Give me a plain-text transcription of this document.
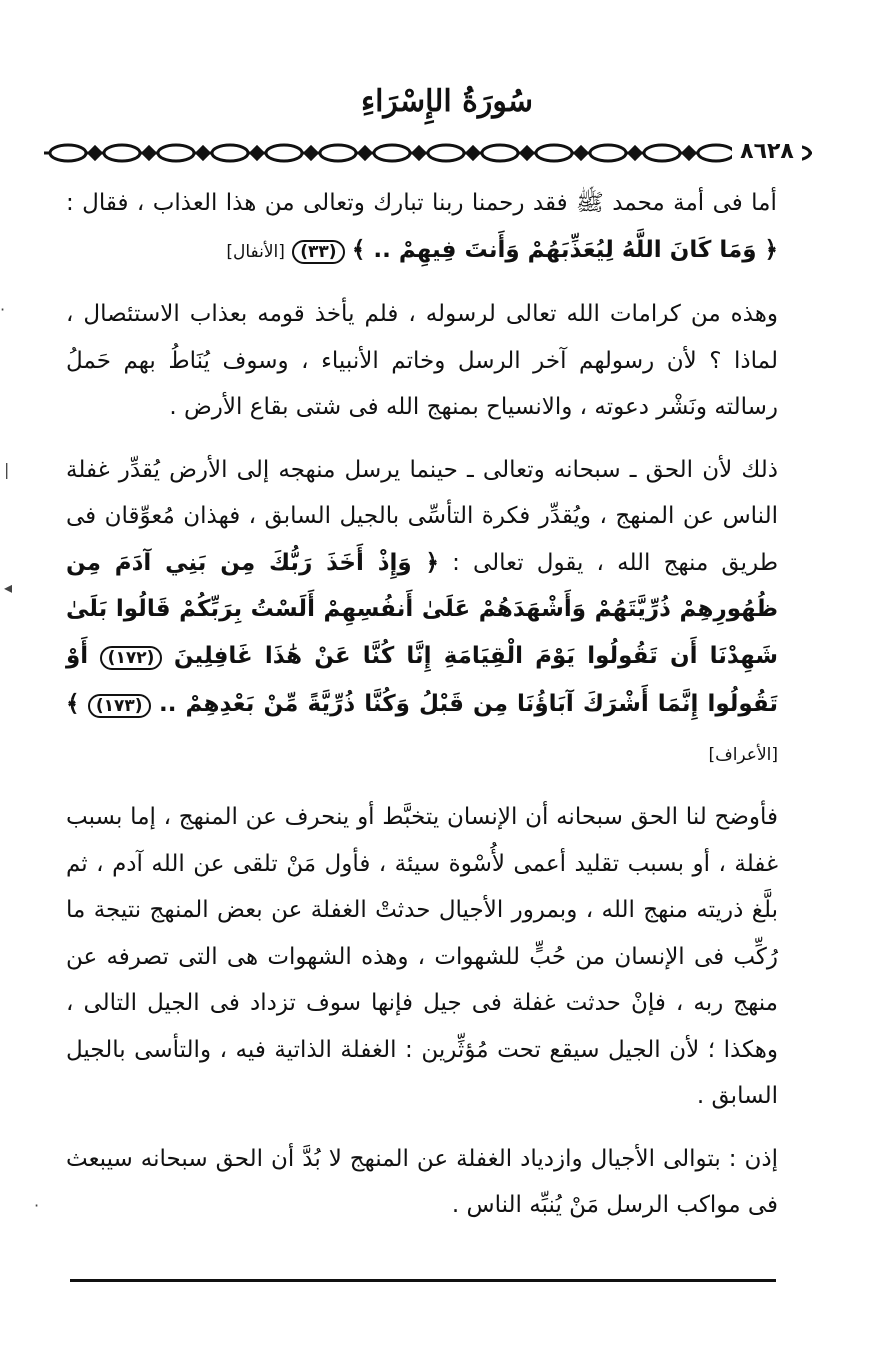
سُورَةُ الإِسْرَاءِ
٨٦٢٨

أما فى أمة محمد ﷺ فقد رحمنا ربنا تبارك وتعالى من هذا العذاب ، فقال : ﴿ وَمَا كَانَ اللَّهُ لِيُعَذِّبَهُمْ وَأَنتَ فِيهِمْ .. ﴾ (٣٣) [الأنفال]

وهذه من كرامات الله تعالى لرسوله ، فلم يأخذ قومه بعذاب الاستئصال ، لماذا ؟ لأن رسولهم آخر الرسل وخاتم الأنبياء ، وسوف يُنَاطُ بهم حَملُ رسالته ونَشْر دعوته ، والانسياح بمنهج الله فى شتى بقاع الأرض .

ذلك لأن الحق ـ سبحانه وتعالى ـ حينما يرسل منهجه إلى الأرض يُقدِّر غفلة الناس عن المنهج ، ويُقدِّر فكرة التأسِّى بالجيل السابق ، فهذان مُعوِّقان فى طريق منهج الله ، يقول تعالى : ﴿ وَإِذْ أَخَذَ رَبُّكَ مِن بَنِي آدَمَ مِن ظُهُورِهِمْ ذُرِّيَّتَهُمْ وَأَشْهَدَهُمْ عَلَىٰ أَنفُسِهِمْ أَلَسْتُ بِرَبِّكُمْ قَالُوا بَلَىٰ شَهِدْنَا أَن تَقُولُوا يَوْمَ الْقِيَامَةِ إِنَّا كُنَّا عَنْ هَٰذَا غَافِلِينَ (١٧٢) أَوْ تَقُولُوا إِنَّمَا أَشْرَكَ آبَاؤُنَا مِن قَبْلُ وَكُنَّا ذُرِّيَّةً مِّنْ بَعْدِهِمْ .. (١٧٣) ﴾ [الأعراف]

فأوضح لنا الحق سبحانه أن الإنسان يتخبَّط أو ينحرف عن المنهج ، إما بسبب غفلة ، أو بسبب تقليد أعمى لأُسْوة سيئة ، فأول مَنْ تلقى عن الله آدم ، ثم بلَّغ ذريته منهج الله ، وبمرور الأجيال حدثتْ الغفلة عن بعض المنهج نتيجة ما رُكِّب فى الإنسان من حُبٍّ للشهوات ، وهذه الشهوات هى التى تصرفه عن منهج ربه ، فإنْ حدثت غفلة فى جيل فإنها سوف تزداد فى الجيل التالى ، وهكذا ؛ لأن الجيل سيقع تحت مُؤثِّرين : الغفلة الذاتية فيه ، والتأسى بالجيل السابق .

إذن : بتوالى الأجيال وازدياد الغفلة عن المنهج لا بُدَّ أن الحق سبحانه سيبعث فى مواكب الرسل مَنْ يُنبِّه الناس .

·
|
◂
·
